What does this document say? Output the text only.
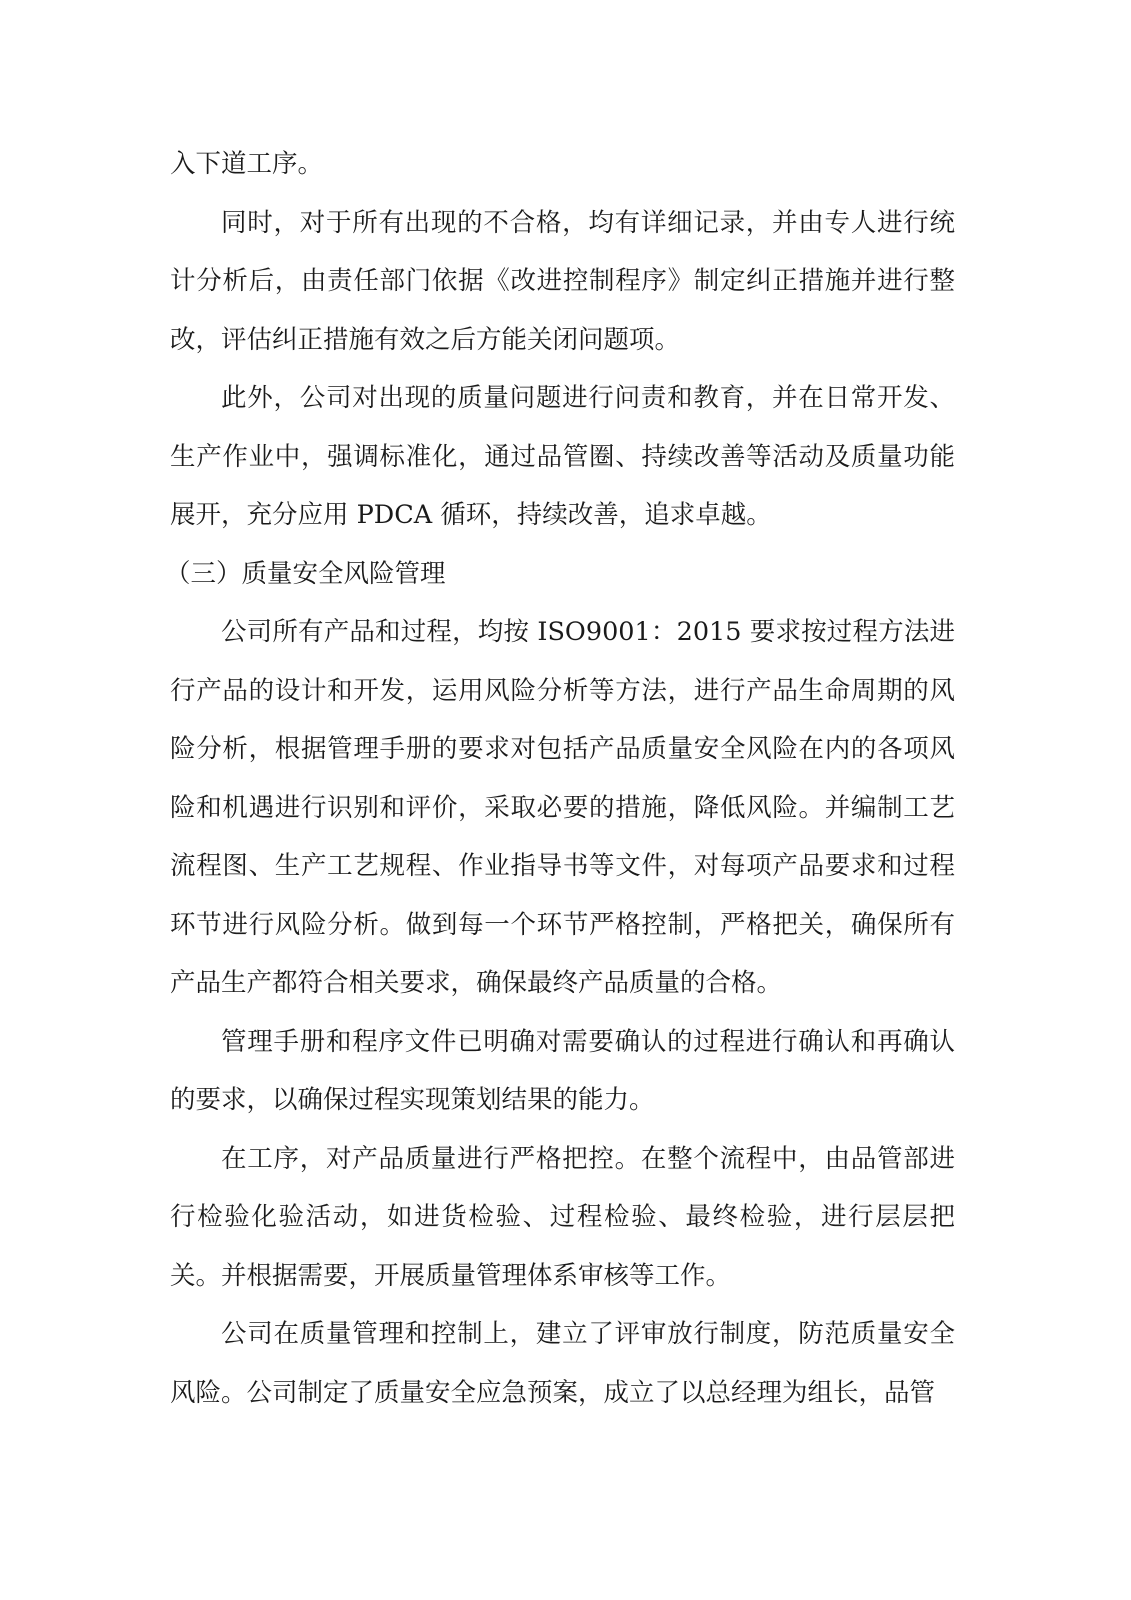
入下道工序。

同时，对于所有出现的不合格，均有详细记录，并由专人进行统计分析后，由责任部门依据《改进控制程序》制定纠正措施并进行整改，评估纠正措施有效之后方能关闭问题项。

此外，公司对出现的质量问题进行问责和教育，并在日常开发、生产作业中，强调标准化，通过品管圈、持续改善等活动及质量功能展开，充分应用 PDCA 循环，持续改善，追求卓越。

（三）质量安全风险管理

公司所有产品和过程，均按 ISO9001：2015 要求按过程方法进行产品的设计和开发，运用风险分析等方法，进行产品生命周期的风险分析，根据管理手册的要求对包括产品质量安全风险在内的各项风险和机遇进行识别和评价，采取必要的措施，降低风险。并编制工艺流程图、生产工艺规程、作业指导书等文件，对每项产品要求和过程环节进行风险分析。做到每一个环节严格控制，严格把关，确保所有产品生产都符合相关要求，确保最终产品质量的合格。

管理手册和程序文件已明确对需要确认的过程进行确认和再确认的要求，以确保过程实现策划结果的能力。

在工序，对产品质量进行严格把控。在整个流程中，由品管部进行检验化验活动，如进货检验、过程检验、最终检验，进行层层把关。并根据需要，开展质量管理体系审核等工作。

公司在质量管理和控制上，建立了评审放行制度，防范质量安全风险。公司制定了质量安全应急预案，成立了以总经理为组长，品管
